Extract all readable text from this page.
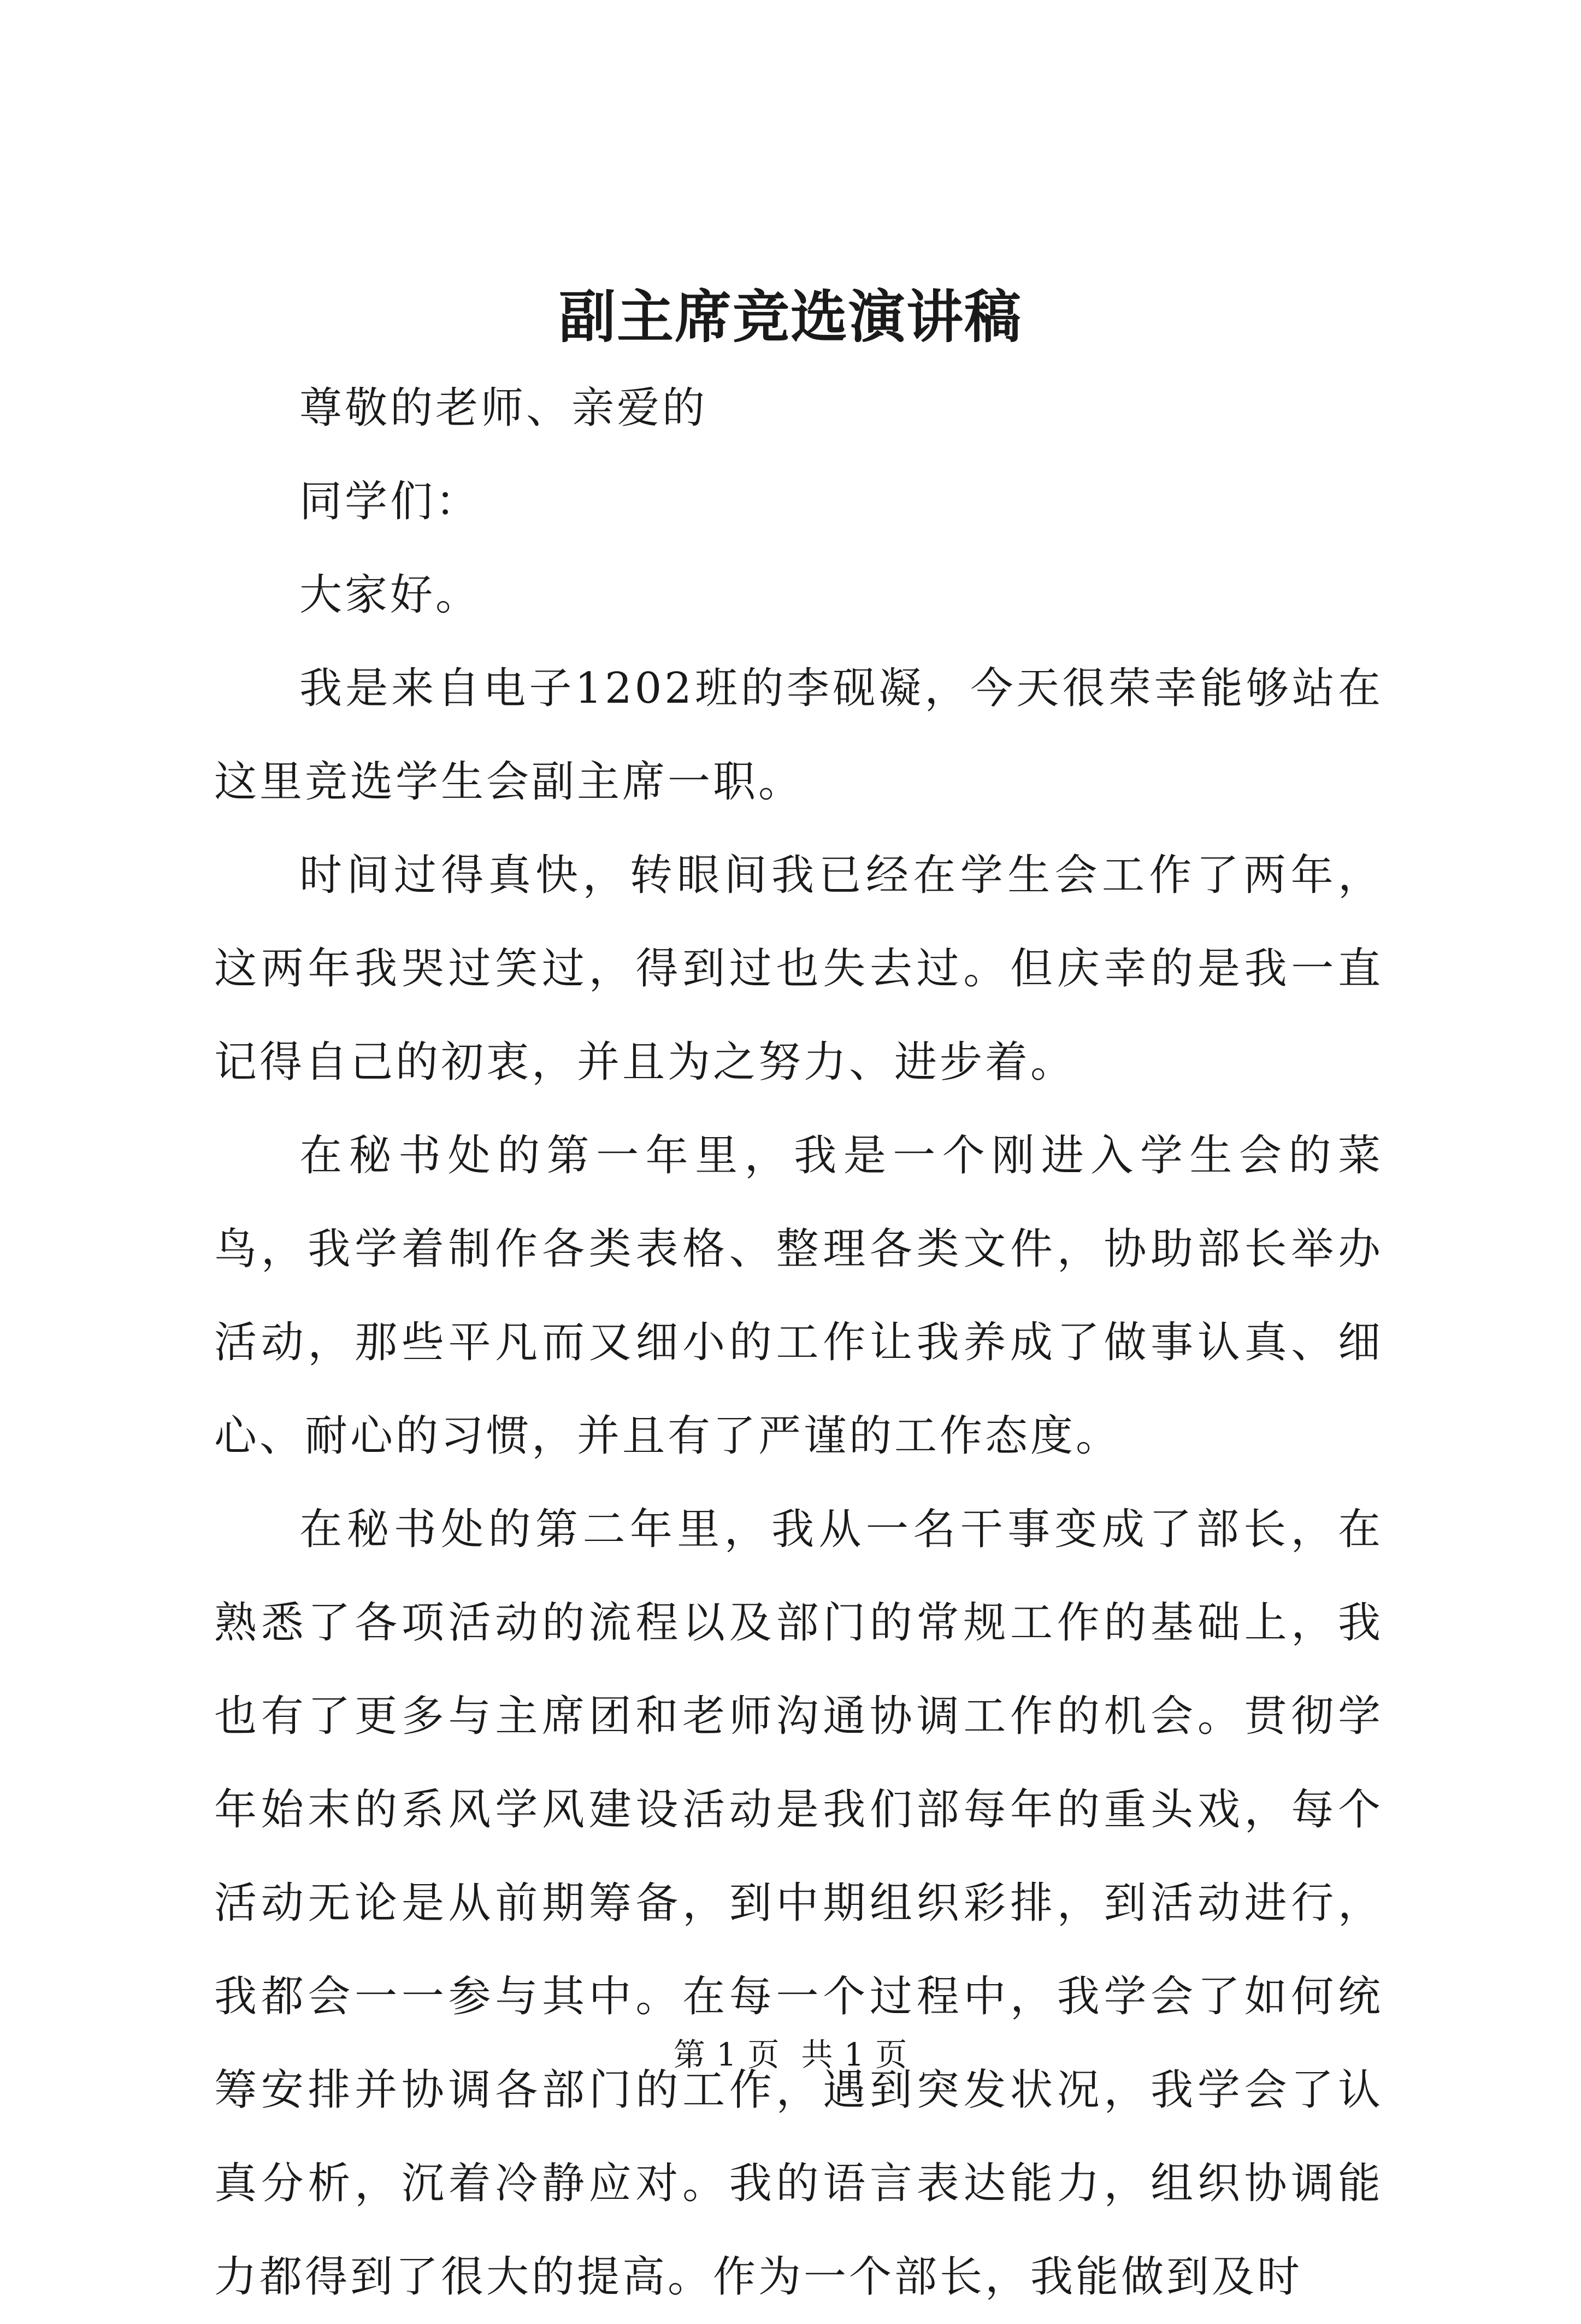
副主席竞选演讲稿

尊敬的老师、亲爱的

同学们：

大家好。

我是来自电子1202班的李砚凝，今天很荣幸能够站在这里竞选学生会副主席一职。

时间过得真快，转眼间我已经在学生会工作了两年，这两年我哭过笑过，得到过也失去过。但庆幸的是我一直记得自己的初衷，并且为之努力、进步着。

在秘书处的第一年里，我是一个刚进入学生会的菜鸟，我学着制作各类表格、整理各类文件，协助部长举办活动，那些平凡而又细小的工作让我养成了做事认真、细心、耐心的习惯，并且有了严谨的工作态度。

在秘书处的第二年里，我从一名干事变成了部长，在熟悉了各项活动的流程以及部门的常规工作的基础上，我也有了更多与主席团和老师沟通协调工作的机会。贯彻学年始末的系风学风建设活动是我们部每年的重头戏，每个活动无论是从前期筹备，到中期组织彩排，到活动进行，我都会一一参与其中。在每一个过程中，我学会了如何统筹安排并协调各部门的工作，遇到突发状况，我学会了认真分析，沉着冷静应对。我的语言表达能力，组织协调能力都得到了很大的提高。作为一个部长，我能做到及时

第 1 页  共 1 页
